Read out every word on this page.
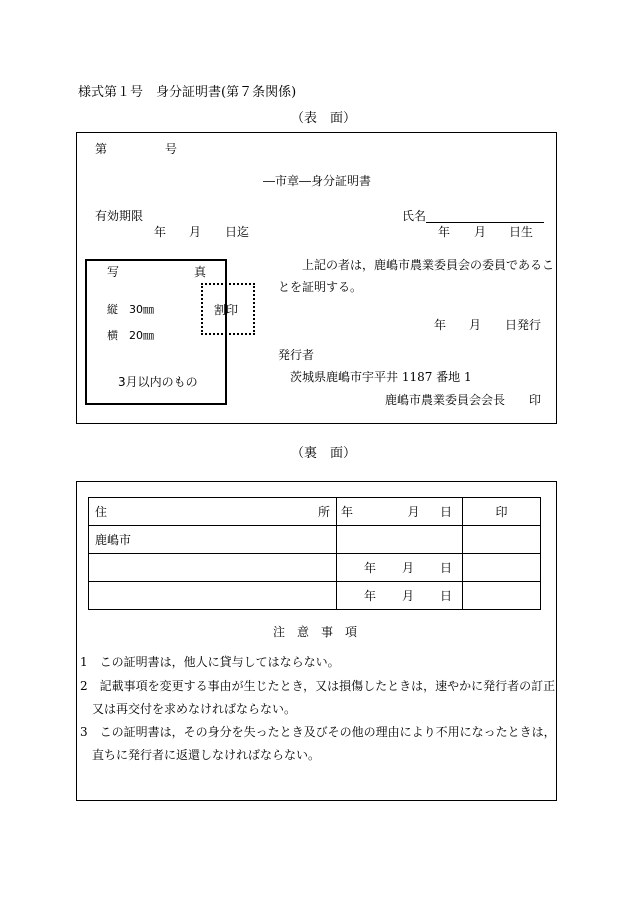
様式第１号　身分証明書(第７条関係)
（表　面）
第	号
―市章―身分証明書
有効期限
年 月 日迄
氏名
年 月 日生
写	真
縦　30㎜
横　20㎜
3月以内のもの
割印
上記の者は，鹿嶋市農業委員会の委員であるこ
とを証明する。
年 月 日発行
発行者
茨城県鹿嶋市宇平井 1187 番地 1
鹿嶋市農業委員会会長 印
（裏　面）
住 所	年 月 日	印
鹿嶋市		

	年 月 日	

	年 月 日	

注　意　事　項
1　この証明書は，他人に貸与してはならない。
2　記載事項を変更する事由が生じたとき，又は損傷したときは，速やかに発行者の訂正
　又は再交付を求めなければならない。
3　この証明書は，その身分を失ったとき及びその他の理由により不用になったときは，
　直ちに発行者に返還しなければならない。
